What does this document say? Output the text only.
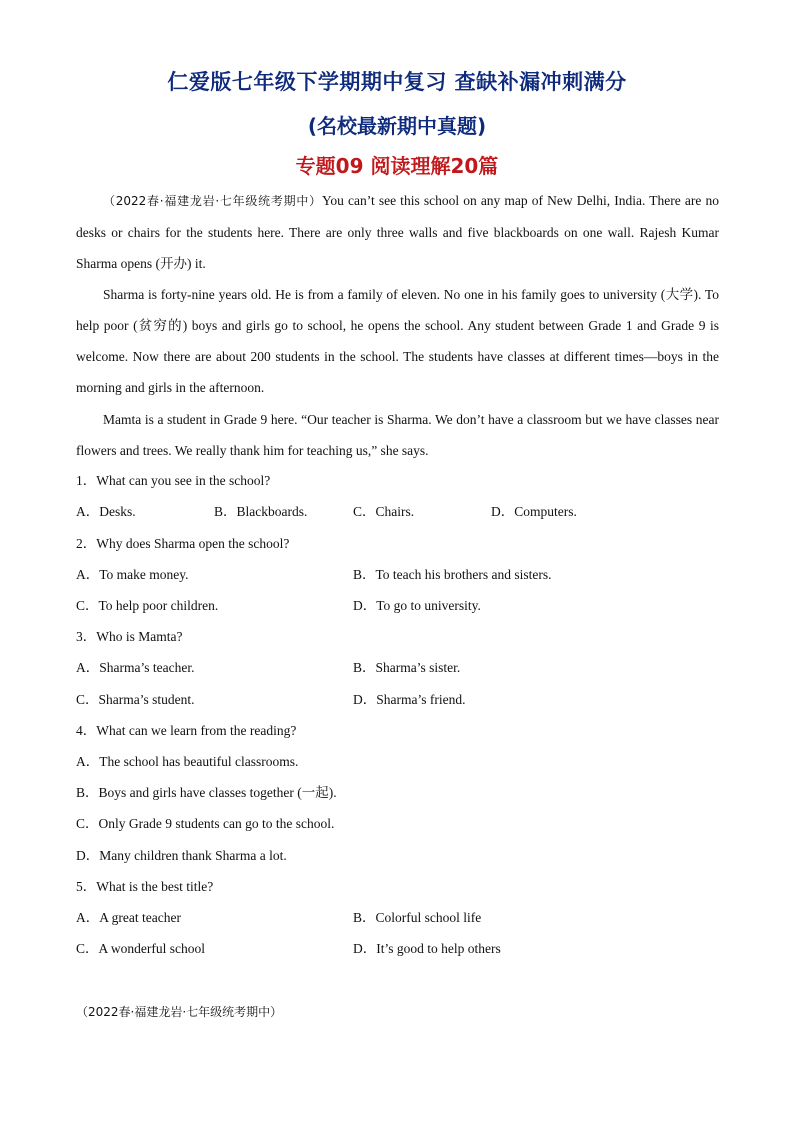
仁爱版七年级下学期期中复习 查缺补漏冲刺满分
(名校最新期中真题)
专题09 阅读理解20篇
（2022春·福建龙岩·七年级统考期中）You can’t see this school on any map of New Delhi, India. There are no desks or chairs for the students here. There are only three walls and five blackboards on one wall. Rajesh Kumar Sharma opens (开办) it.
Sharma is forty-nine years old. He is from a family of eleven. No one in his family goes to university (大学). To help poor (贫穷的) boys and girls go to school, he opens the school. Any student between Grade 1 and Grade 9 is welcome. Now there are about 200 students in the school. The students have classes at different times—boys in the morning and girls in the afternoon.
Mamta is a student in Grade 9 here. “Our teacher is Sharma. We don’t have a classroom but we have classes near flowers and trees. We really thank him for teaching us,” she says.
1．What can you see in the school?
A．Desks.	B．Blackboards.	C．Chairs.	D．Computers.
2．Why does Sharma open the school?
A．To make money.	B．To teach his brothers and sisters.
C．To help poor children.	D．To go to university.
3．Who is Mamta?
A．Sharma’s teacher.	B．Sharma’s sister.
C．Sharma’s student.	D．Sharma’s friend.
4．What can we learn from the reading?
A．The school has beautiful classrooms.
B．Boys and girls have classes together (一起).
C．Only Grade 9 students can go to the school.
D．Many children thank Sharma a lot.
5．What is the best title?
A．A great teacher	B．Colorful school life
C．A wonderful school	D．It’s good to help others
（2022春·福建龙岩·七年级统考期中）
